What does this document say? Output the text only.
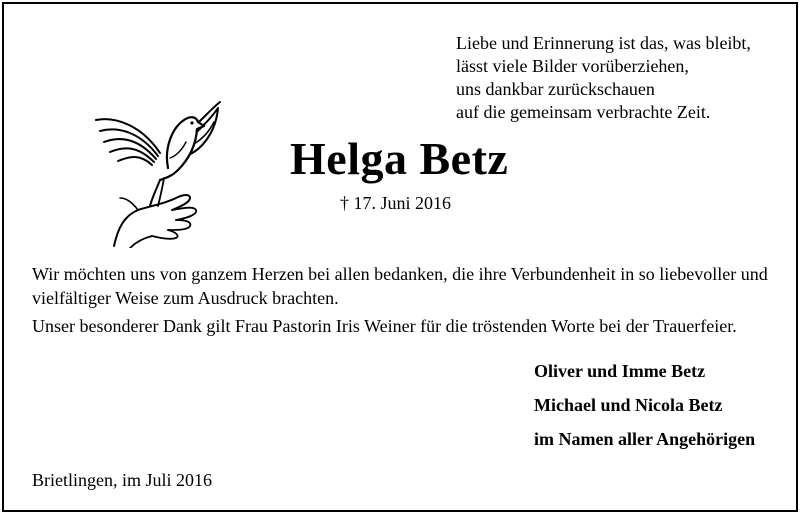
Liebe und Erinnerung ist das, was bleibt,
lässt viele Bilder vorüberziehen,
uns dankbar zurückschauen
auf die gemeinsam verbrachte Zeit.
Helga Betz
† 17. Juni 2016

Wir möchten uns von ganzem Herzen bei allen bedanken, die ihre Verbundenheit in so liebevoller und vielfältiger Weise zum Ausdruck brachten.

Unser besonderer Dank gilt Frau Pastorin Iris Weiner für die tröstenden Worte bei der Trauerfeier.

Oliver und Imme Betz
Michael und Nicola Betz
im Namen aller Angehörigen
Brietlingen, im Juli 2016
